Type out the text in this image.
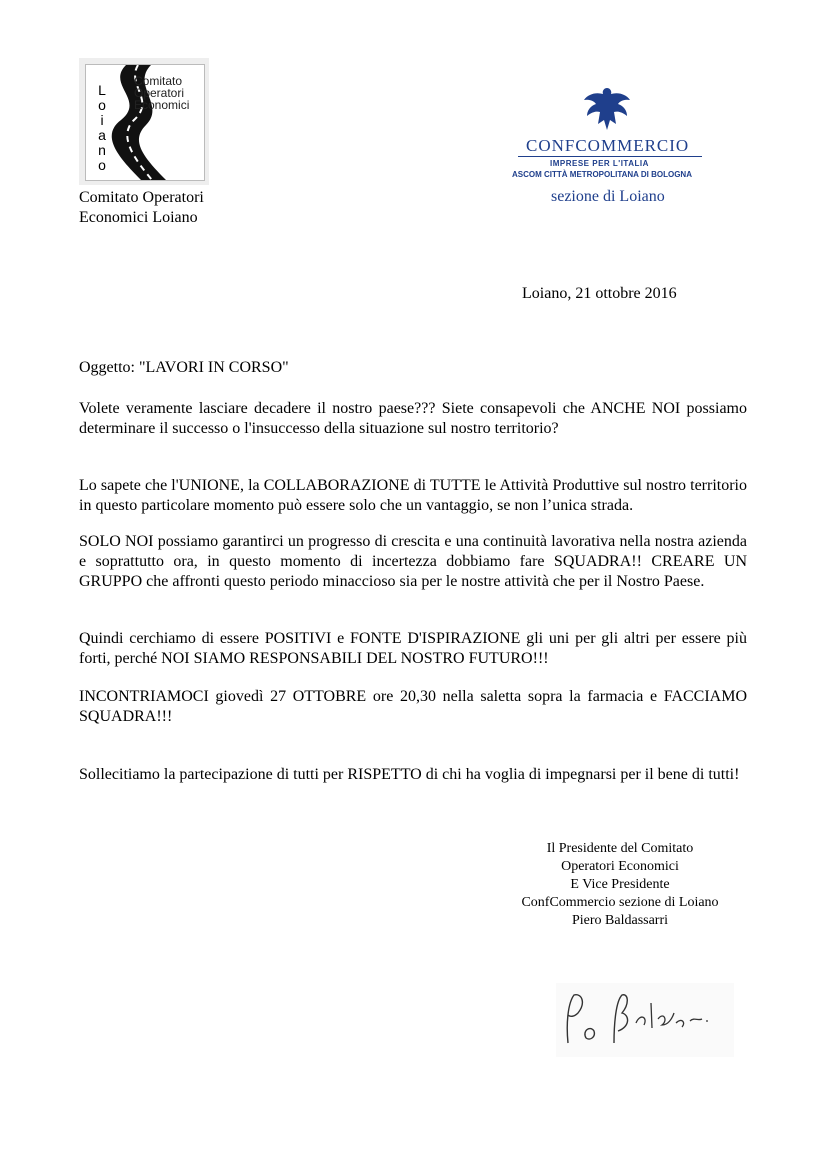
Comitato
Operatori
Economici
L
o
i
a
n
o
Comitato Operatori
Economici Loiano
CONFCOMMERCIO
IMPRESE PER L'ITALIA
ASCOM CITTÀ METROPOLITANA DI BOLOGNA
sezione di Loiano
Loiano, 21 ottobre 2016
Oggetto: "LAVORI IN CORSO"

Volete veramente lasciare decadere il nostro paese??? Siete consapevoli che ANCHE NOI possiamo determinare il successo o l'insuccesso della situazione sul nostro territorio?

Lo sapete che l'UNIONE, la COLLABORAZIONE di TUTTE le Attività Produttive sul nostro territorio in questo particolare momento può essere solo che un vantaggio, se non l’unica strada.

SOLO NOI possiamo garantirci un progresso di crescita e una continuità lavorativa nella nostra azienda e soprattutto ora, in questo momento di incertezza dobbiamo fare SQUADRA!! CREARE UN GRUPPO che affronti questo periodo minaccioso sia per le nostre attività che per il Nostro Paese.

Quindi cerchiamo di essere POSITIVI e FONTE D'ISPIRAZIONE gli uni per gli altri per essere più forti, perché NOI SIAMO RESPONSABILI DEL NOSTRO FUTURO!!!

INCONTRIAMOCI giovedì 27 OTTOBRE ore 20,30 nella saletta sopra la farmacia e FACCIAMO SQUADRA!!!

Sollecitiamo la partecipazione di tutti per RISPETTO di chi ha voglia di impegnarsi per il bene di tutti!

Il Presidente del Comitato
Operatori Economici
E Vice Presidente
ConfCommercio sezione di Loiano
Piero Baldassarri
